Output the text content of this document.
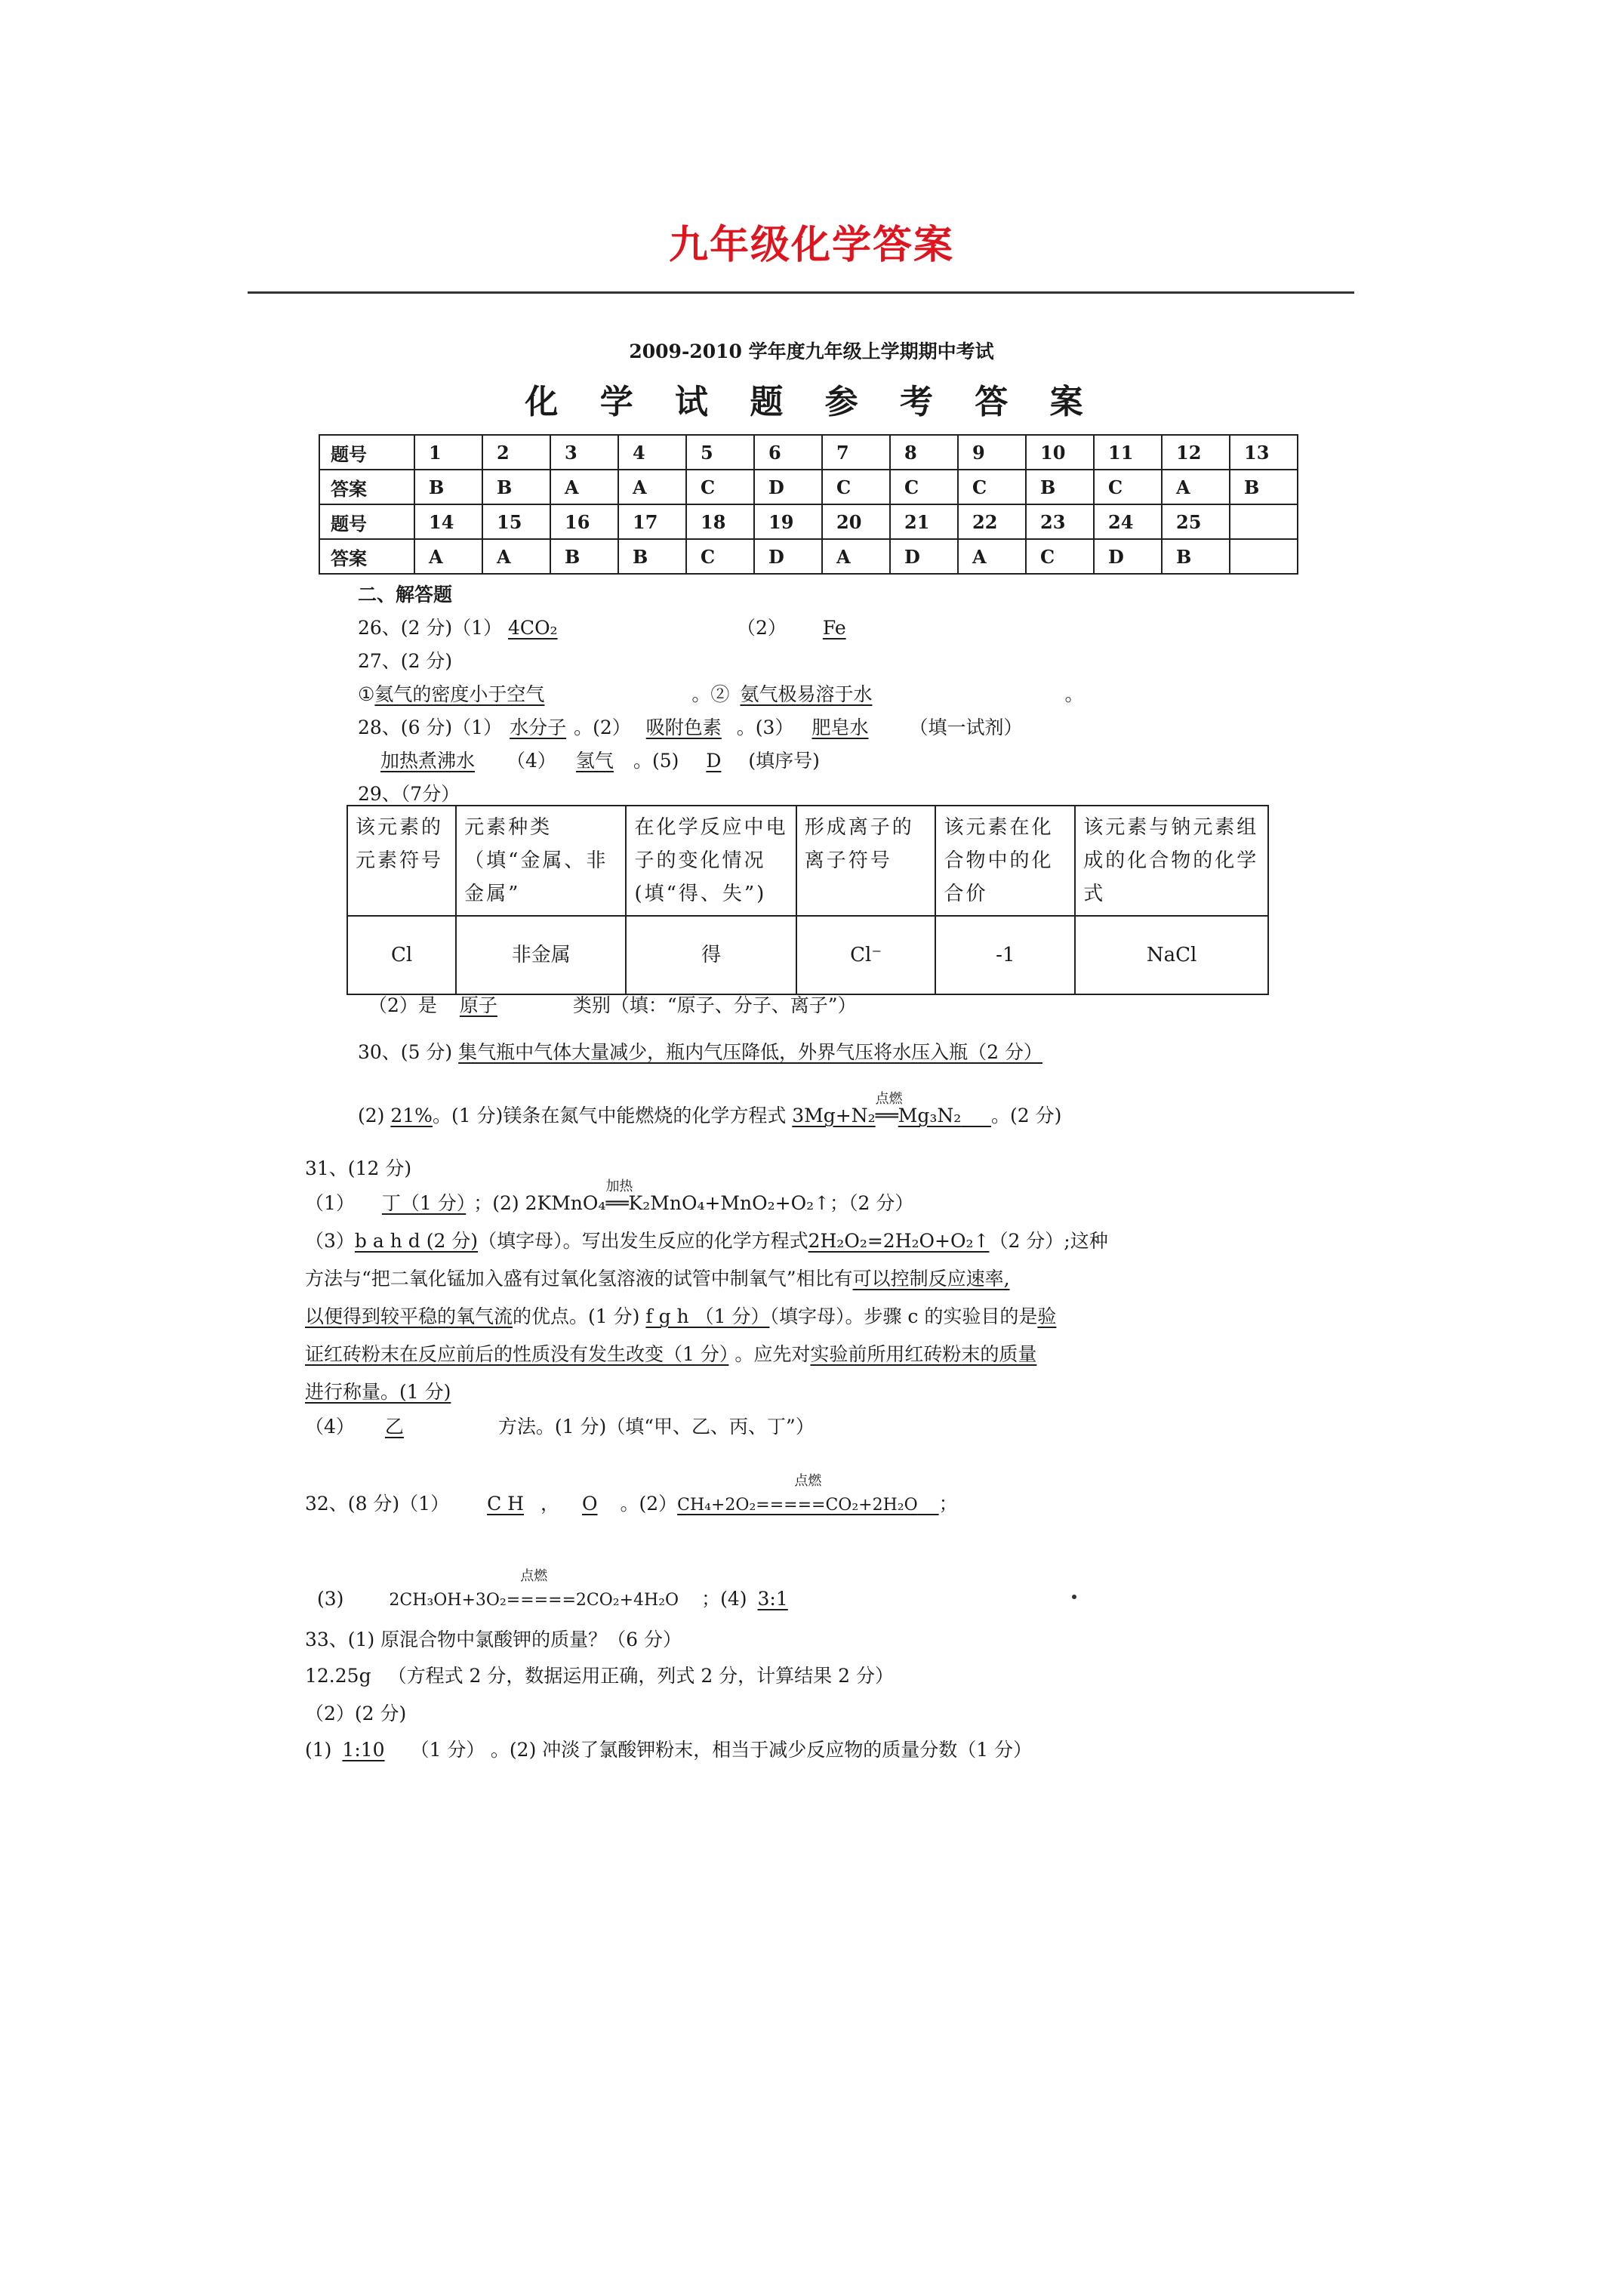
九年级化学答案
2009-2010 学年度九年级上学期期中考试
化 学 试 题 参 考 答 案
题号	1	2	3	4	5	6	7	8	9	10	11	12	13
答案	B	B	A	A	C	D	C	C	C	B	C	A	B
题号	14	15	16	17	18	19	20	21	22	23	24	25	
答案	A	A	B	B	C	D	A	D	A	C	D	B	
二、解答题
26、(2 分)（1） 4CO₂	（2） Fe
27、(2 分)
①氦气的密度小于空气	。② 氨气极易溶于水	。
28、(6 分)（1） 水分子 。(2） 吸附色素 。(3） 肥皂水 （填一试剂）
加热煮沸水 （4） 氢气 。(5) D (填序号)
29、（7分）
该元素的元素符号	元素种类（填“金属、非金属”	在化学反应中电子的变化情况(填“得、失”)	形成离子的离子符号	该元素在化合物中的化合价	该元素与钠元素组成的化合物的化学式
Cl	非金属	得	Cl⁻	-1	NaCl
（2）是 原子	类别（填：“原子、分子、离子”）
30、(5 分) 集气瓶中气体大量减少，瓶内气压降低，外界气压将水压入瓶（2 分）
(2) 21%。(1 分)镁条在氮气中能燃烧的化学方程式 3Mg+N₂
点燃
══Mg₃N₂ 。(2 分)
31、(12 分)
（1） 丁（1 分） ；(2) 2KMnO₄
加热
══K₂MnO₄+MnO₂+O₂↑；（2 分）
（3）b a h d (2 分)（填字母）。写出发生反应的化学方程式2H₂O₂=2H₂O+O₂↑（2 分）;这种
方法与“把二氧化锰加入盛有过氧化氢溶液的试管中制氧气”相比有可以控制反应速率,
以便得到较平稳的氧气流的优点。(1 分) f g h （1 分）（填字母）。步骤 c 的实验目的是验
证红砖粉末在反应前后的性质没有发生改变（1 分） 。应先对实验前所用红砖粉末的质量
进行称量。(1 分)
（4） 乙	方法。(1 分)（填“甲、乙、丙、丁”）
32、(8 分)（1） C H ， O 。(2）
点燃
CH₄+2O₂=====CO₂+2H₂O ；
(3)
点燃
2CH₃OH+3O₂=====2CO₂+4H₂O ；(4) 3:1
33、(1) 原混合物中氯酸钾的质量？（6 分）
12.25g （方程式 2 分，数据运用正确，列式 2 分，计算结果 2 分）
（2）(2 分)
(1) 1:10 （1 分） 。(2) 冲淡了氯酸钾粉末，相当于减少反应物的质量分数（1 分）
